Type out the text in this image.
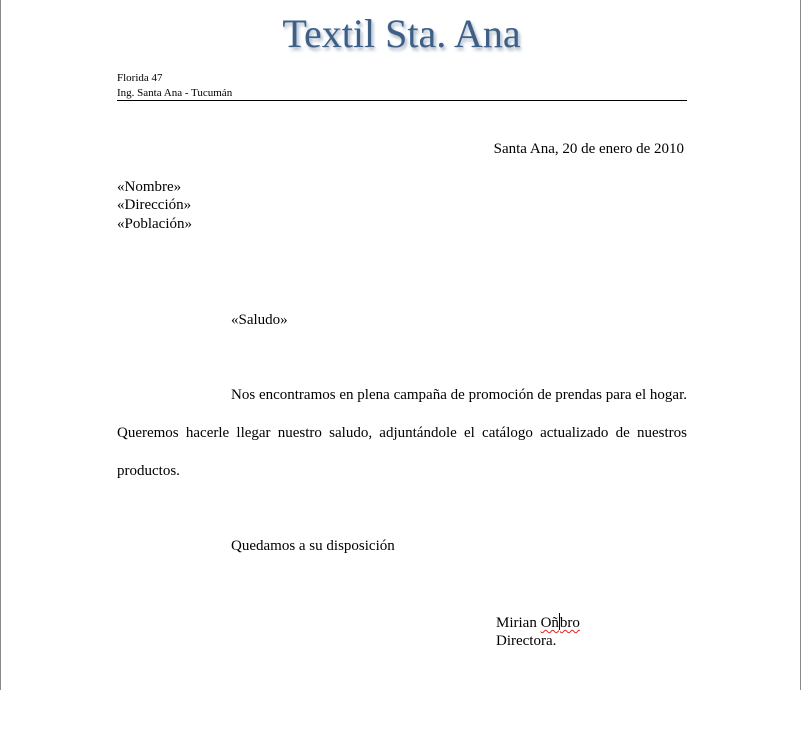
Textil Sta. Ana
Florida 47
Ing. Santa Ana - Tucumán
Santa Ana, 20 de enero de 2010
«Nombre»
«Dirección»
«Población»
«Saludo»
Nos encontramos en plena campaña de promoción de prendas para el hogar. Queremos hacerle llegar nuestro saludo, adjuntándole el catálogo actualizado de nuestros productos.
Quedamos a su disposición
Mirian Oñbro
Directora.
